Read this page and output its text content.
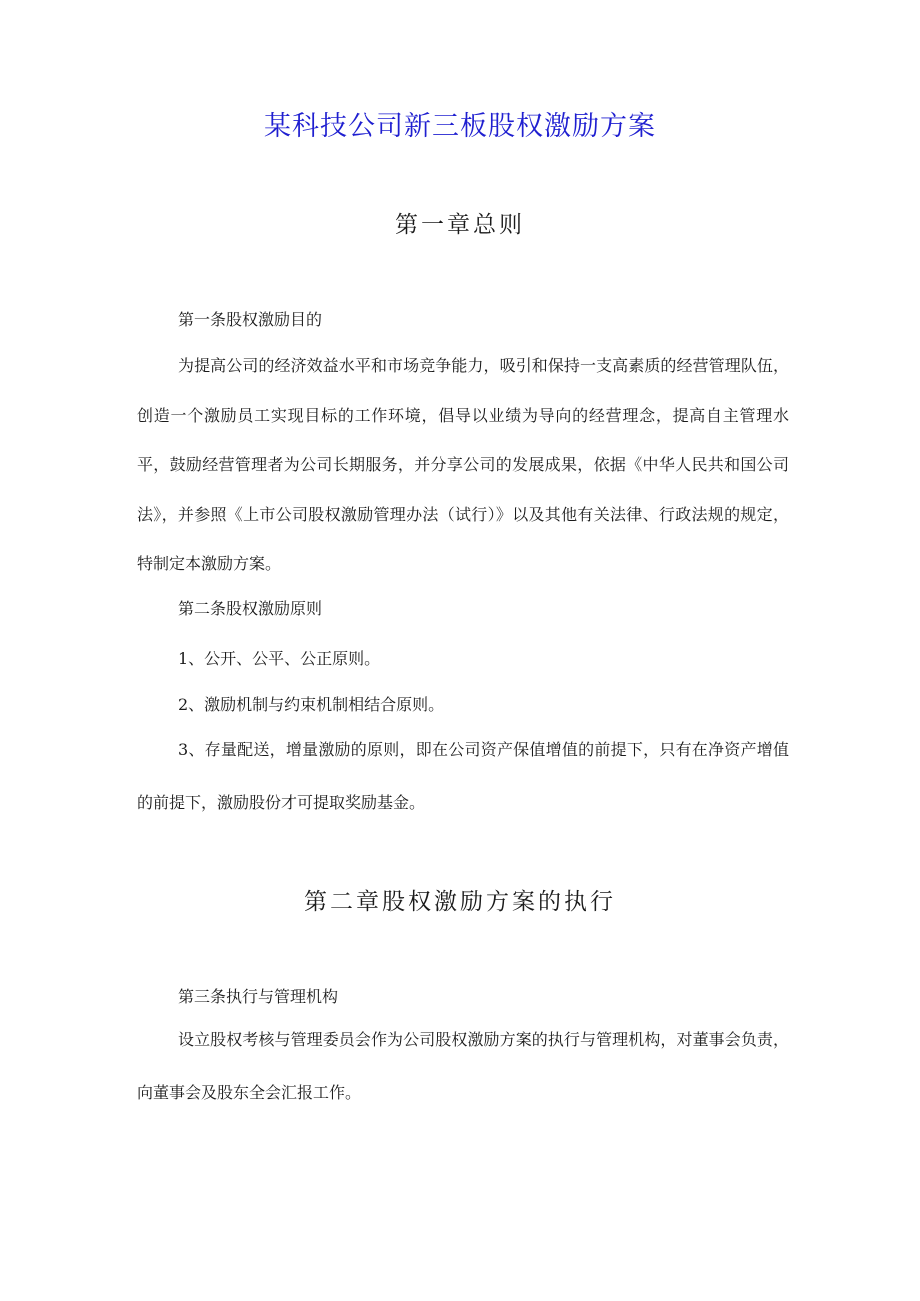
某科技公司新三板股权激励方案
第一章总则

第一条股权激励目的

为提高公司的经济效益水平和市场竞争能力，吸引和保持一支高素质的经营管理队伍，创造一个激励员工实现目标的工作环境，倡导以业绩为导向的经营理念，提高自主管理水平，鼓励经营管理者为公司长期服务，并分享公司的发展成果，依据《中华人民共和国公司法》，并参照《上市公司股权激励管理办法（试行）》以及其他有关法律、行政法规的规定，特制定本激励方案。

第二条股权激励原则

1、公开、公平、公正原则。

2、激励机制与约束机制相结合原则。

3、存量配送，增量激励的原则，即在公司资产保值增值的前提下，只有在净资产增值的前提下，激励股份才可提取奖励基金。

第二章股权激励方案的执行

第三条执行与管理机构

设立股权考核与管理委员会作为公司股权激励方案的执行与管理机构，对董事会负责，向董事会及股东全会汇报工作。
